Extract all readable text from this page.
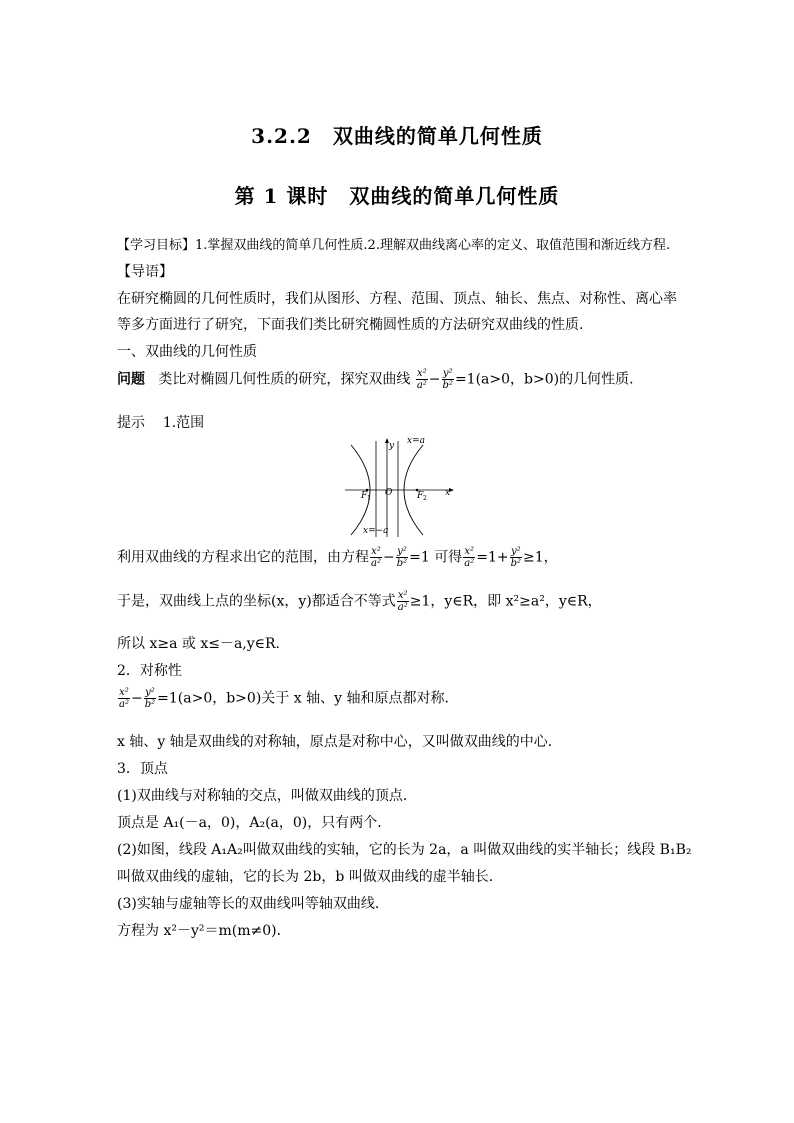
3.2.2　双曲线的简单几何性质
第 1 课时　双曲线的简单几何性质
【学习目标】1.掌握双曲线的简单几何性质.2.理解双曲线离心率的定义、取值范围和渐近线方程.
【导语】
在研究椭圆的几何性质时，我们从图形、方程、范围、顶点、轴长、焦点、对称性、离心率
等多方面进行了研究，下面我们类比研究椭圆性质的方法研究双曲线的性质.
一、双曲线的几何性质
问题 类比对椭圆几何性质的研究，探究双曲线 $\frac{\text{x²}}{\text{a²}} - \frac{\text{y²}}{\text{b²}} =1(a>0$，b>0)的几何性质.
提示 1.范围
y x=a
x
O
F 1	F 2
x=−a
利用双曲线的方程求出它的范围，由方程 $\frac{\text{x²}}{\text{a²}} - \frac{\text{y²}}{\text{b²}} =1$ 可得 $\frac{\text{x²}}{\text{a²}} =1+ \frac{\text{y²}}{\text{b²}} \ge 1$，
于是，双曲线上点的坐标(x，y)都适合不等式 $\frac{\text{x²}}{\text{a²}} \ge 1$，y∈R，即 x²≥a²，y∈R，
所以 x≥a 或 x≤－a,y∈R.
2．对称性
$\frac{\text{x²}}{\text{a²}} - \frac{\text{y²}}{\text{b²}} =1(a>0$，b>0)关于 x 轴、y 轴和原点都对称．
x 轴、y 轴是双曲线的对称轴，原点是对称中心，又叫做双曲线的中心．
3．顶点
(1)双曲线与对称轴的交点，叫做双曲线的顶点．
顶点是 A₁(－a，0)，A₂(a，0)，只有两个．
(2)如图，线段 A₁A₂叫做双曲线的实轴，它的长为 2a，a 叫做双曲线的实半轴长；线段 B₁B₂
叫做双曲线的虚轴，它的长为 2b，b 叫做双曲线的虚半轴长．
(3)实轴与虚轴等长的双曲线叫等轴双曲线．
方程为 x²－y²＝m(m≠0)．
